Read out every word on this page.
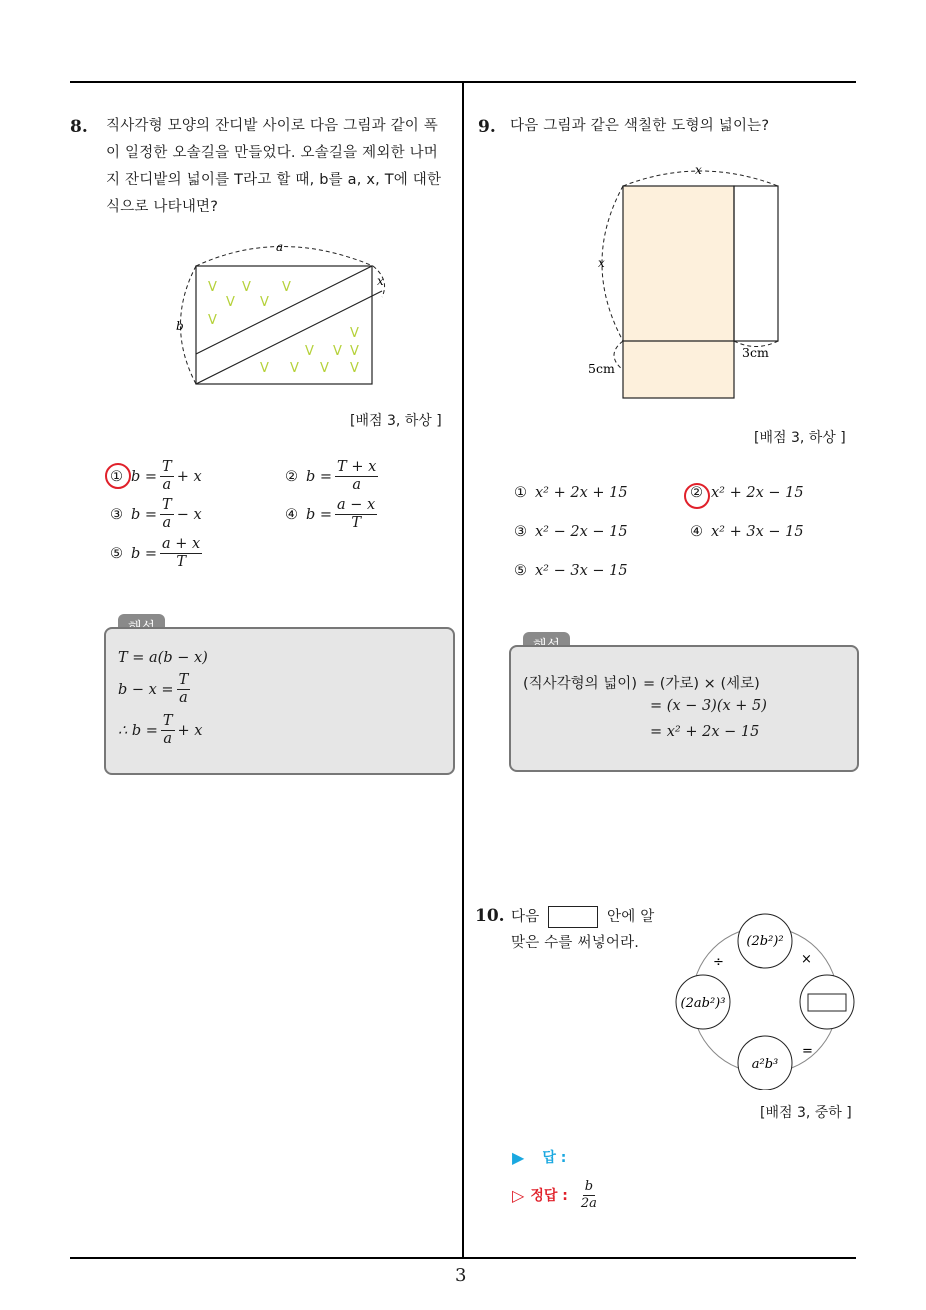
3
8. 직사각형 모양의 잔디밭 사이로 다음 그림과 같이 폭
이 일정한 오솔길을 만들었다. 오솔길을 제외한 나머
지 잔디밭의 넓이를 T라고 할 때, b를 a, x, T에 대한
식으로 나타내면?
V V V
V V
V
V
V V V
V V V V
a
b
x
[배점 3, 하상 ]
① $b = \frac{T}{a} + x$	② $b = \frac{T + x}{a}$
③ $b = \frac{T}{a} - x$	④ $b = \frac{a - x}{T}$
⑤ $b = \frac{a + x}{T}$
T = a(b − x)
$b - x = \frac{T}{a}$
∴ $b = \frac{T}{a} + x$
9. 다음 그림과 같은 색칠한 도형의 넓이는?
x
x
3cm
5cm
[배점 3, 하상 ]
① x² + 2x + 15	② x² + 2x − 15
③ x² − 2x − 15	④ x² + 3x − 15
⑤ x² − 3x − 15
(직사각형의 넓이) = (가로) × (세로)
= (x − 3)(x + 5)
= x² + 2x − 15
10. 다음	안에 알
맞은 수를 써넣어라.	(2b²)²
(2ab²)³
a²b³
÷	×
=
[배점 3, 중하 ]
▶ 답 :
▷ 정답 : $\frac{b}{2a}$
